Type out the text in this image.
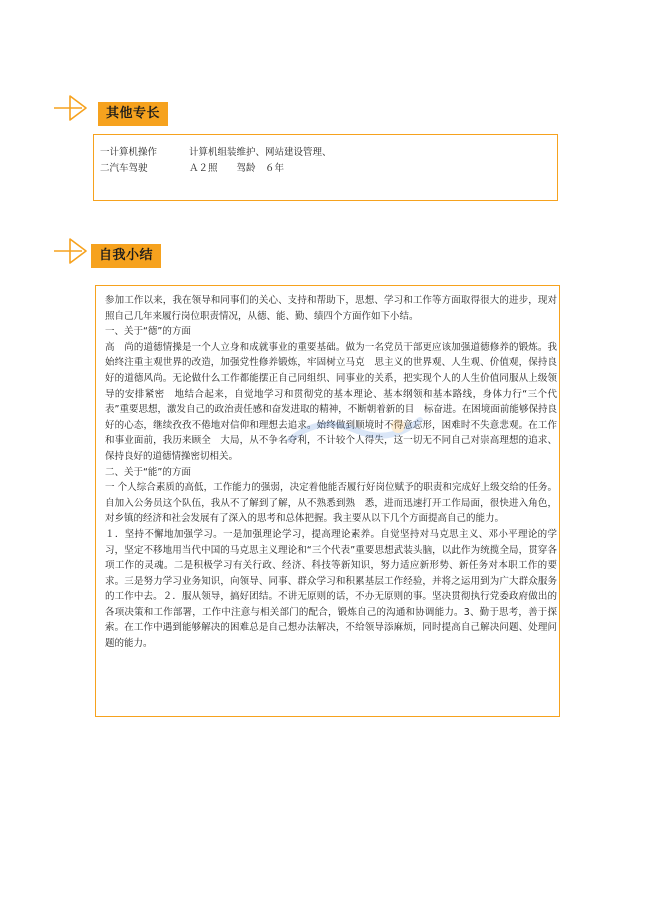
其他专长
一计算机操作	计算机组装维护、网站建设管理、
二汽车驾驶	Ａ２照　　驾龄　６年
自我小结

参加工作以来，我在领导和同事们的关心、支持和帮助下，思想、学习和工作等方面取得很大的进步，现对照自己几年来履行岗位职责情况，从德、能、勤、绩四个方面作如下小结。

一、关于“德”的方面

高　尚的道德情操是一个人立身和成就事业的重要基础。做为一名党员干部更应该加强道德修养的锻炼。我始终注重主观世界的改造，加强党性修养锻炼，牢固树立马克　思主义的世界观、人生观、价值观，保持良好的道德风尚。无论做什么工作都能摆正自己同组织、同事业的关系，把实现个人的人生价值同服从上级领导的安排紧密　地结合起来，自觉地学习和贯彻党的基本理论、基本纲领和基本路线，身体力行“三个代表”重要思想，激发自己的政治责任感和奋发进取的精神，不断朝着新的目　标奋进。在困境面前能够保持良好的心态，继续孜孜不倦地对信仰和理想去追求。始终做到顺境时不得意忘形，困难时不失意悲观。在工作和事业面前，我历来顾全　大局，从不争名夺利，不计较个人得失，这一切无不同自己对崇高理想的追求、保持良好的道德情操密切相关。

二、关于“能”的方面

一 个人综合素质的高低，工作能力的强弱，决定着他能否履行好岗位赋予的职责和完成好上级交给的任务。自加入公务员这个队伍，我从不了解到了解，从不熟悉到熟　悉，进而迅速打开工作局面，很快进入角色，对乡镇的经济和社会发展有了深入的思考和总体把握。我主要从以下几个方面提高自己的能力。

１．坚持不懈地加强学习。一是加强理论学习，提高理论素养。自觉坚持对马克思主义、邓小平理论的学习，坚定不移地用当代中国的马克思主义理论和“三个代表”重要思想武装头脑，以此作为统揽全局，贯穿各项工作的灵魂。二是积极学习有关行政、经济、科技等新知识，努力适应新形势、新任务对本职工作的要求。三是努力学习业务知识，向领导、同事、群众学习和积累基层工作经验，并将之运用到为广大群众服务的工作中去。２．服从领导，搞好团结。不讲无原则的话，不办无原则的事。坚决贯彻执行党委政府做出的各项决策和工作部署，工作中注意与相关部门的配合，锻炼自己的沟通和协调能力。3、勤于思考，善于探索。在工作中遇到能够解决的困难总是自己想办法解决，不给领导添麻烦，同时提高自己解决问题、处理问题的能力。
